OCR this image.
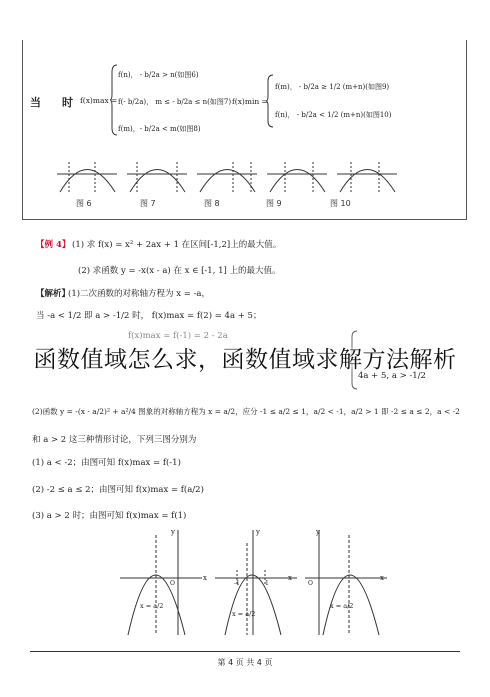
当 时 f(x)max =
f(n)， - b/2a > n(如图6)
f(- b/2a)， m ≤ - b/2a ≤ n(如图7)
f(m)，- b/2a < m(如图8)
f(x)min =
f(m)， - b/2a ≥ 1/2 (m+n)(如图9)
f(n)， - b/2a < 1/2 (m+n)(如图10)
图 6	图 7	图 8	图 9	图 10
【例 4】 (1) 求 f(x) = x² + 2ax + 1 在区间[-1,2]上的最大值。
(2) 求函数 y = -x(x - a) 在 x ∈ [-1, 1] 上的最大值。
【解析】
(1)二次函数的对称轴方程为 x = -a，
当 -a < 1/2 即 a > -1/2 时， f(x)max = f(2) = 4a + 5；
f(x)max = f(-1) = 2 - 2a
4a + 5, a > -1/2
函数值域怎么求，函数值域求解方法解析
(2)函数 y = -(x - a/2)² + a²/4 图象的对称轴方程为 x = a/2，应分 -1 ≤ a/2 ≤ 1，a/2 < -1，a/2 > 1 即 -2 ≤ a ≤ 2，a < -2
和 a > 2 这三种情形讨论，下列三图分别为
(1) a < -2；由图可知 f(x)max = f(-1)
(2) -2 ≤ a ≤ 2；由图可知 f(x)max = f(a/2)
(3) a > 2 时；由图可知 f(x)max = f(1)
x
y
O
x = a/2
x
y
-1	1
x = a/2
x
y
O
x = a/2
第 4 页 共 4 页
